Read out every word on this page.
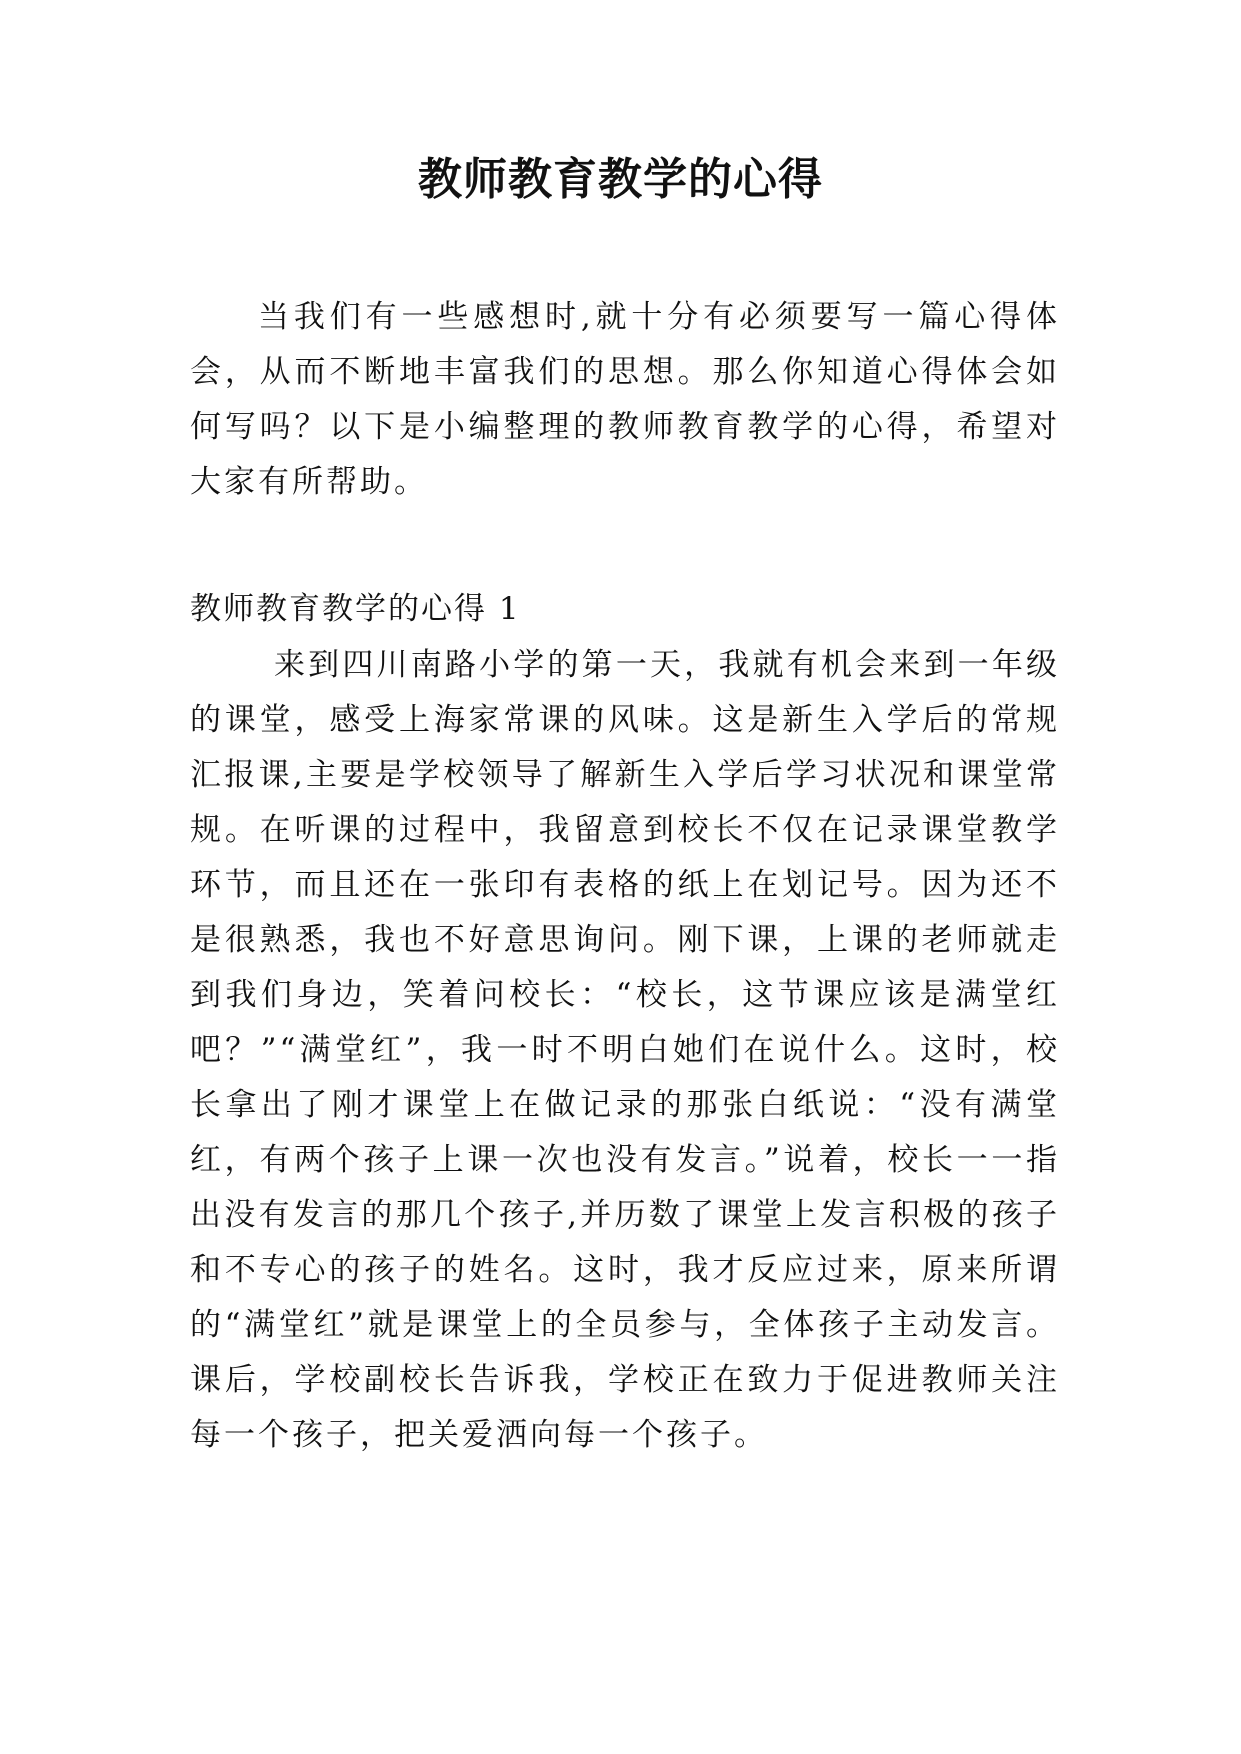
教师教育教学的心得
当我们有一些感想时,就十分有必须要写一篇心得体会，从而不断地丰富我们的思想。那么你知道心得体会如何写吗？以下是小编整理的教师教育教学的心得，希望对大家有所帮助。
教师教育教学的心得 1
来到四川南路小学的第一天，我就有机会来到一年级的课堂，感受上海家常课的风味。这是新生入学后的常规汇报课,主要是学校领导了解新生入学后学习状况和课堂常规。在听课的过程中，我留意到校长不仅在记录课堂教学环节，而且还在一张印有表格的纸上在划记号。因为还不是很熟悉，我也不好意思询问。刚下课，上课的老师就走到我们身边，笑着问校长：“校长，这节课应该是满堂红吧？”“满堂红”，我一时不明白她们在说什么。这时，校长拿出了刚才课堂上在做记录的那张白纸说：“没有满堂红，有两个孩子上课一次也没有发言。”说着，校长一一指出没有发言的那几个孩子,并历数了课堂上发言积极的孩子和不专心的孩子的姓名。这时，我才反应过来，原来所谓的“满堂红”就是课堂上的全员参与，全体孩子主动发言。课后，学校副校长告诉我，学校正在致力于促进教师关注每一个孩子，把关爱洒向每一个孩子。
